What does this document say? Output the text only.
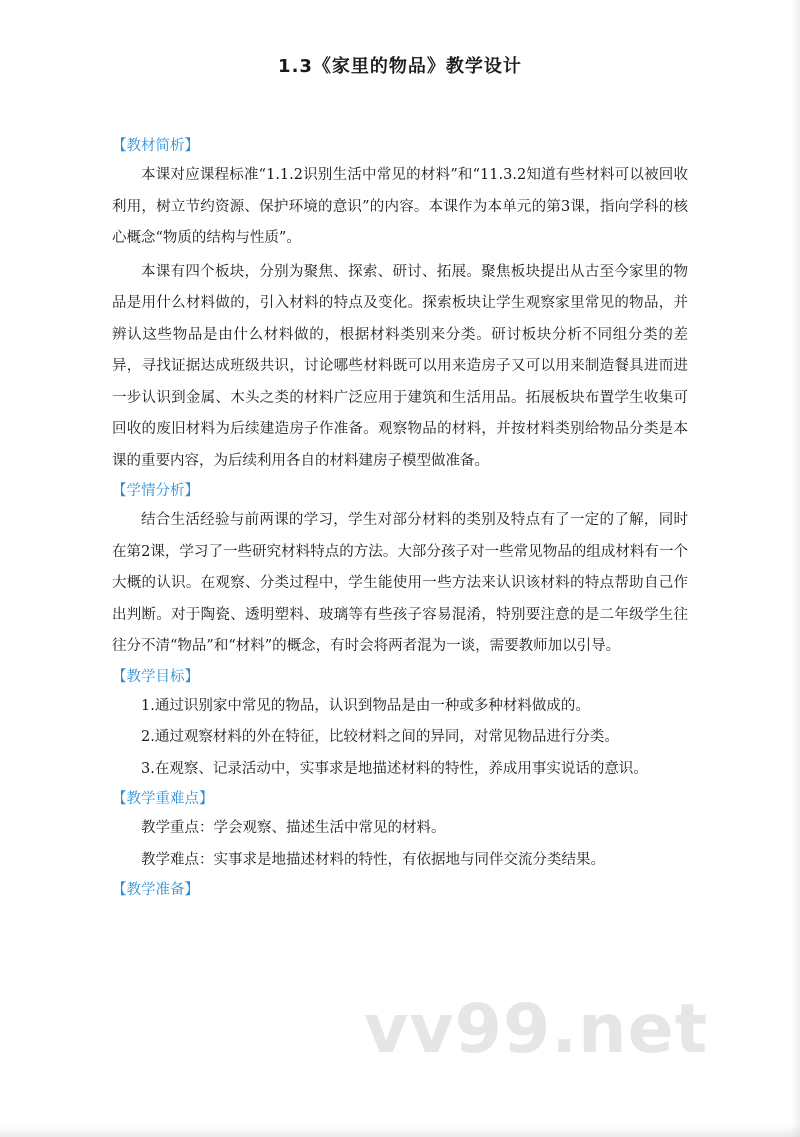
1.3《家里的物品》教学设计

【教材简析】

本课对应课程标准“1.1.2识别生活中常见的材料”和“11.3.2知道有些材料可以被回收利用，树立节约资源、保护环境的意识”的内容。本课作为本单元的第3课，指向学科的核心概念“物质的结构与性质”。

本课有四个板块，分别为聚焦、探索、研讨、拓展。聚焦板块提出从古至今家里的物品是用什么材料做的，引入材料的特点及变化。探索板块让学生观察家里常见的物品，并辨认这些物品是由什么材料做的，根据材料类别来分类。研讨板块分析不同组分类的差异，寻找证据达成班级共识，讨论哪些材料既可以用来造房子又可以用来制造餐具进而进一步认识到金属、木头之类的材料广泛应用于建筑和生活用品。拓展板块布置学生收集可回收的废旧材料为后续建造房子作准备。观察物品的材料，并按材料类别给物品分类是本课的重要内容，为后续利用各自的材料建房子模型做准备。

【学情分析】

结合生活经验与前两课的学习，学生对部分材料的类别及特点有了一定的了解，同时在第2课，学习了一些研究材料特点的方法。大部分孩子对一些常见物品的组成材料有一个大概的认识。在观察、分类过程中，学生能使用一些方法来认识该材料的特点帮助自己作出判断。对于陶瓷、透明塑料、玻璃等有些孩子容易混淆，特别要注意的是二年级学生往往分不清“物品”和“材料”的概念，有时会将两者混为一谈，需要教师加以引导。

【教学目标】

1.通过识别家中常见的物品，认识到物品是由一种或多种材料做成的。

2.通过观察材料的外在特征，比较材料之间的异同，对常见物品进行分类。

3.在观察、记录活动中，实事求是地描述材料的特性，养成用事实说话的意识。

【教学重难点】

教学重点：学会观察、描述生活中常见的材料。

教学难点：实事求是地描述材料的特性，有依据地与同伴交流分类结果。

【教学准备】

vv99.net
